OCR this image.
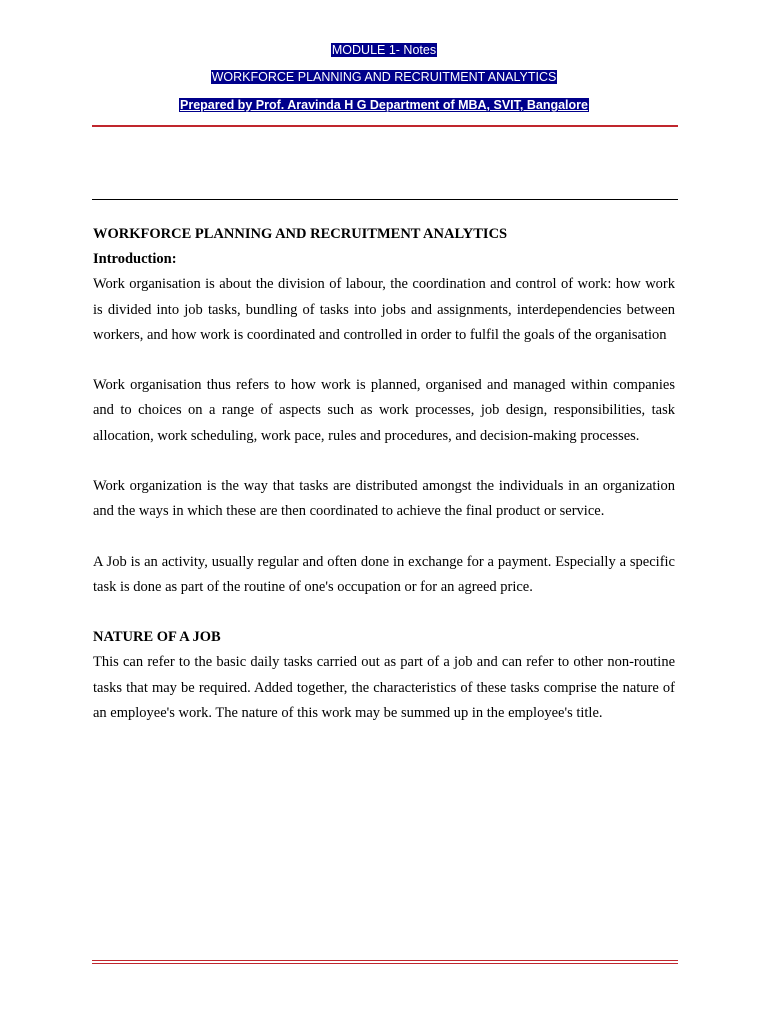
MODULE 1- Notes
WORKFORCE PLANNING AND RECRUITMENT ANALYTICS
Prepared by Prof. Aravinda H G Department of MBA, SVIT, Bangalore

WORKFORCE PLANNING AND RECRUITMENT ANALYTICS

Introduction:

Work organisation is about the division of labour, the coordination and control of work: how work is divided into job tasks, bundling of tasks into jobs and assignments, interdependencies between workers, and how work is coordinated and controlled in order to fulfil the goals of the organisation

Work organisation thus refers to how work is planned, organised and managed within companies and to choices on a range of aspects such as work processes, job design, responsibilities, task allocation, work scheduling, work pace, rules and procedures, and decision-making processes.

Work organization is the way that tasks are distributed amongst the individuals in an organization and the ways in which these are then coordinated to achieve the final product or service.

A Job is an activity, usually regular and often done in exchange for a payment. Especially a specific task is done as part of the routine of one's occupation or for an agreed price.

NATURE OF A JOB

This can refer to the basic daily tasks carried out as part of a job and can refer to other non-routine tasks that may be required. Added together, the characteristics of these tasks comprise the nature of an employee's work. The nature of this work may be summed up in the employee's title.
